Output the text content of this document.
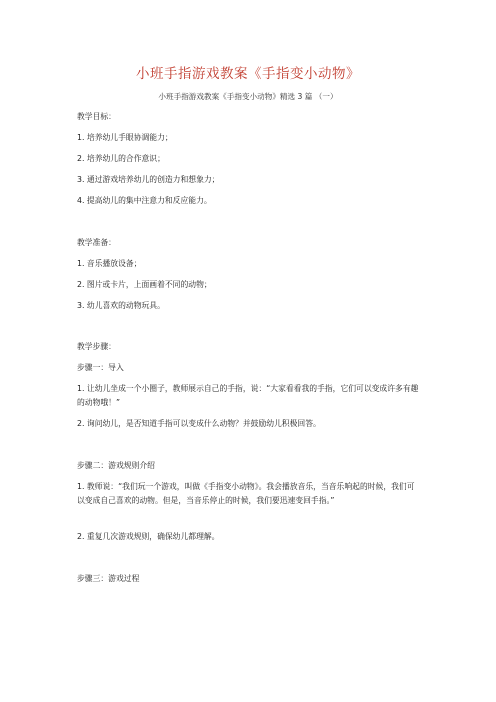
小班手指游戏教案《手指变小动物》
小班手指游戏教案《手指变小动物》精选 3 篇 （一）
教学目标：
1. 培养幼儿手眼协调能力；
2. 培养幼儿的合作意识；
3. 通过游戏培养幼儿的创造力和想象力；
4. 提高幼儿的集中注意力和反应能力。
教学准备：
1. 音乐播放设备；
2. 图片或卡片，上面画着不同的动物；
3. 幼儿喜欢的动物玩具。
教学步骤：
步骤一：导入
1. 让幼儿坐成一个小圈子，教师展示自己的手指，说：“大家看看我的手指，它们可以变成许多有趣的动物哦！”
2. 询问幼儿，是否知道手指可以变成什么动物？并鼓励幼儿积极回答。
步骤二：游戏规则介绍
1. 教师说：“我们玩一个游戏，叫做《手指变小动物》。我会播放音乐，当音乐响起的时候，我们可以变成自己喜欢的动物。但是，当音乐停止的时候，我们要迅速变回手指。”
2. 重复几次游戏规则，确保幼儿都理解。
步骤三：游戏过程
